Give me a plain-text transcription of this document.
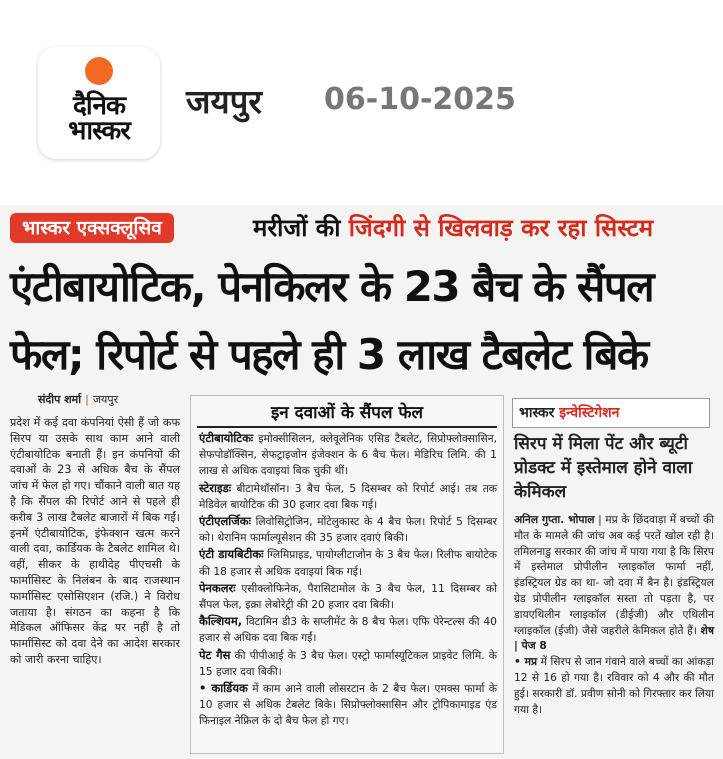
दैनिक
भास्कर
जयपुर 06-10-2025
भास्कर एक्सक्लूसिव	मरीजों की जिंदगी से खिलवाड़ कर रहा सिस्टम
एंटीबायोटिक, पेनकिलर के 23 बैच के सैंपल
फेल; रिपोर्ट से पहले ही 3 लाख टैबलेट बिके
संदीप शर्मा | जयपुर
प्रदेश में कई दवा कंपनियां ऐसी हैं जो कफ सिरप या उसके साथ काम आने वाली एंटीबायोटिक बनाती हैं। इन कंपनियों की दवाओं के 23 से अधिक बैच के सैंपल जांच में फेल हो गए। चौंकाने वाली बात यह है कि सैंपल की रिपोर्ट आने से पहले ही करीब 3 लाख टैबलेट बाजारों में बिक गईं। इनमें एंटीबायोटिक, इंफेक्शन खत्म करने वाली दवा, कार्डियक के टैबलेट शामिल थे। वहीं, सीकर के हाथीदेह पीएचसी के फार्मासिस्ट के निलंबन के बाद राजस्थान फार्मासिस्ट एसोसिएशन (रजि.) ने विरोध जताया है। संगठन का कहना है कि मेडिकल ऑफिसर केंद्र पर नहीं है तो फार्मासिस्ट को दवा देने का आदेश सरकार को जारी करना चाहिए।
इन दवाओं के सैंपल फेल

एंटीबायोटिकः इमोक्सीसिलन, क्लेवूलेनिक एसिड टैबलेट, सिप्रोफ्लोक्सासिन, सेफपोडॉक्सिन, सेफट्राइजोन इंजेक्शन के 6 बैच फेल। मेडिरिच लिमि. की 1 लाख से अधिक दवाइयां बिक चुकी थीं।

स्टेराइडः बीटामेथॉसॉन। 3 बैच फेल, 5 दिसम्बर को रिपोर्ट आई। तब तक मेडिवेल बायोटिक की 30 हजार दवा बिक गई।

एंटीएलर्जिकः लिवोसिट्रोजिन, मोंटेलुकास्ट के 4 बैच फेल। रिपोर्ट 5 दिसम्बर को। थेरानिम फार्माल्यूसेशन की 35 हजार दवाएं बिकी।

एंटी डायबिटीकः ग्लिमिप्राइड, पायोग्लीटाजोन के 3 बैच फेल। रिलीफ बायोटेक की 18 हजार से अधिक दवाइयां बिक गई।

पेनकलरः एसीक्लोफिनेक, पैरासिटामोल के 3 बैच फेल, 11 दिसम्बर को सैंपल फेल, इक्रा लेबोरेट्री की 20 हजार दवा बिकी।

कैल्शियम, विटामिन डी3 के सप्लीमेंट के 8 बैच फेल। एफि पेरेन्टल्स की 40 हजार से अधिक दवा बिक गईं।

पेट गैस की पीपीआई के 3 बैच फेल। एस्ट्रो फार्मास्यूटिकल प्राइवेट लिमि. के 15 हजार दवा बिकी।

• कार्डियक में काम आने वाली लोसरटान के 2 बैच फेल। एमक्स फार्मा के 10 हजार से अधिक टेबलेट बिके। सिप्रोफ्लोक्सासिन और ट्रोपिकामाइड एंड फिनाइल नेफ्रिल के दो बैच फेल हो गए।

भास्कर इन्वेस्टिगेशन
सिरप में मिला पेंट और ब्यूटी प्रोडक्ट में इस्तेमाल होने वाला केमिकल

अनिल गुप्ता. भोपाल | मप्र के छिंदवाड़ा में बच्चों की मौत के मामले की जांच अब कई परतें खोल रही है। तमिलनाडु सरकार की जांच में पाया गया है कि सिरप में इस्तेमाल प्रोपीलीन ग्लाइकॉल फार्मा नहीं, इंडस्ट्रियल ग्रेड का था- जो दवा में बैन है। इंडस्ट्रियल ग्रेड प्रोपीलीन ग्लाइकॉल सस्ता तो पड़ता है, पर डायएथिलीन ग्लाइकॉल (डीईजी) और एथिलीन ग्लाइकॉल (ईजी) जैसे जहरीले केमिकल होते हैं। शेष | पेज 8

• मप्र में सिरप से जान गंवाने वाले बच्चों का आंकड़ा 12 से 16 हो गया है। रविवार को 4 और की मौत हुई। सरकारी डॉ. प्रवीण सोनी को गिरफ्तार कर लिया गया है।
